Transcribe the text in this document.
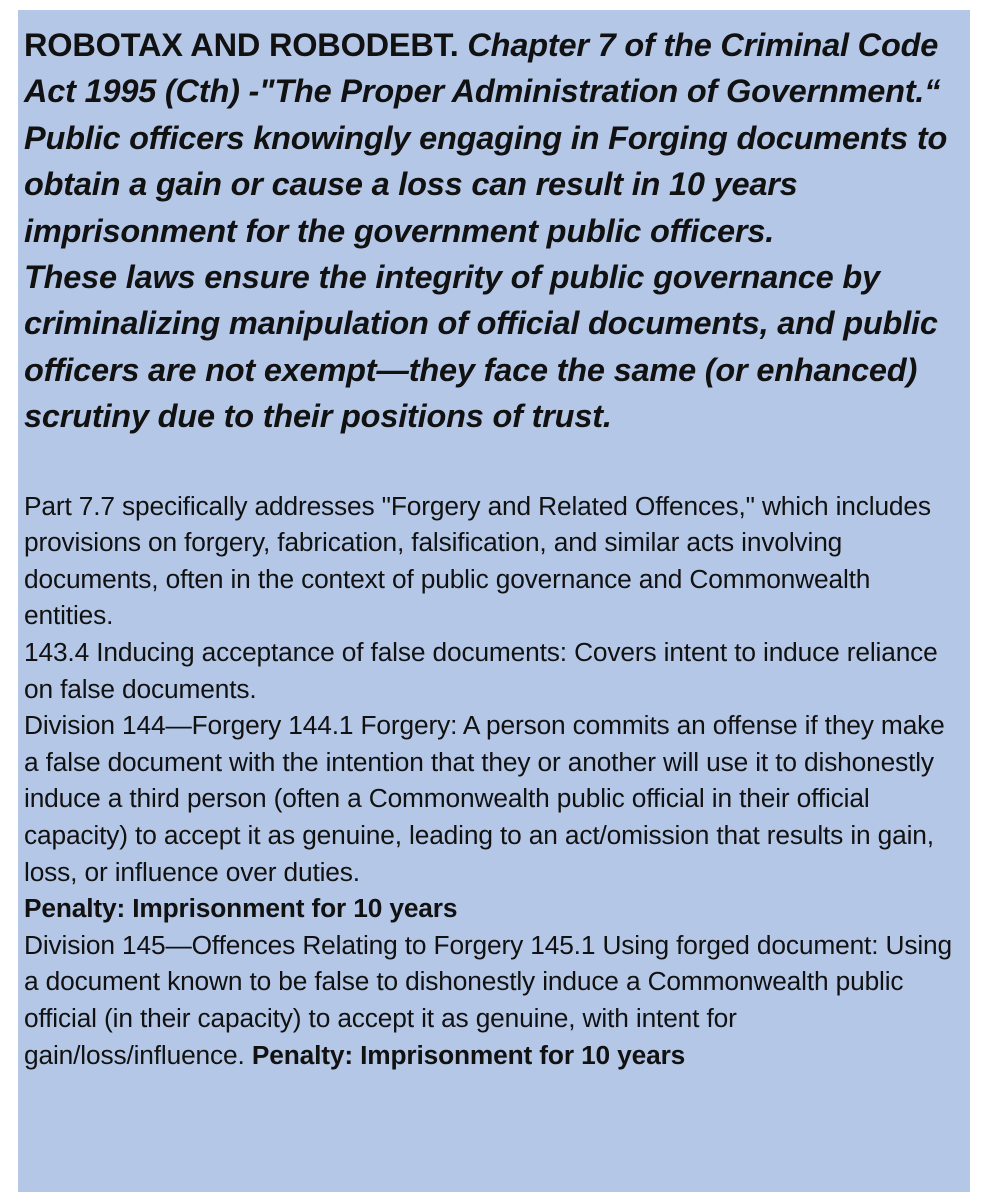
ROBOTAX AND ROBODEBT. Chapter 7 of the Criminal Code Act 1995 (Cth) -"The Proper Administration of Government.“ Public officers knowingly engaging in Forging documents to obtain a gain or cause a loss can result in 10 years imprisonment for the government public officers.
These laws ensure the integrity of public governance by criminalizing manipulation of official documents, and public officers are not exempt—they face the same (or enhanced) scrutiny due to their positions of trust.

Part 7.7 specifically addresses "Forgery and Related Offences," which includes provisions on forgery, fabrication, falsification, and similar acts involving documents, often in the context of public governance and Commonwealth entities.

143.4 Inducing acceptance of false documents: Covers intent to induce reliance on false documents.

Division 144—Forgery 144.1 Forgery: A person commits an offense if they make a false document with the intention that they or another will use it to dishonestly induce a third person (often a Commonwealth public official in their official capacity) to accept it as genuine, leading to an act/omission that results in gain, loss, or influence over duties.

Penalty: Imprisonment for 10 years

Division 145—Offences Relating to Forgery 145.1 Using forged document: Using a document known to be false to dishonestly induce a Commonwealth public official (in their capacity) to accept it as genuine, with intent for gain/loss/influence. Penalty: Imprisonment for 10 years
